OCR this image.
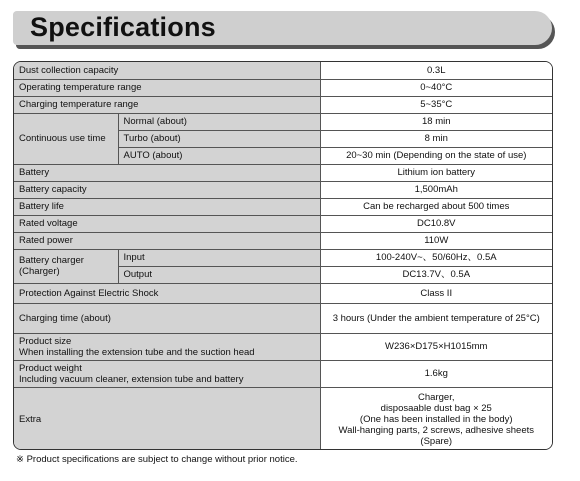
Specifications
Dust collection capacity		0.3L
Operating temperature range		0~40°C
Charging temperature range		5~35°C
Continuous use time	Normal (about)	18 min
	Turbo (about)	8 min
	AUTO (about)	20~30 min (Depending on the state of use)
Battery		Lithium ion battery
Battery capacity		1,500mAh
Battery life		Can be recharged about 500 times
Rated voltage		DC10.8V
Rated power		110W
Battery charger (Charger)	Input	100-240V~、50/60Hz、0.5A
	Output	DC13.7V、0.5A
Protection Against Electric Shock		Class II
Charging time (about)		3 hours (Under the ambient temperature of 25°C)

Product size
When installing the extension tube and the suction head		W236×D175×H1015mm

Product weight
Including vacuum cleaner, extension tube and battery		1.6kg
Extra		Charger,
disposaable dust bag × 25
(One has been installed in the body)
Wall-hanging parts, 2 screws, adhesive sheets
(Spare)
※ Product specifications are subject to change without prior notice.
